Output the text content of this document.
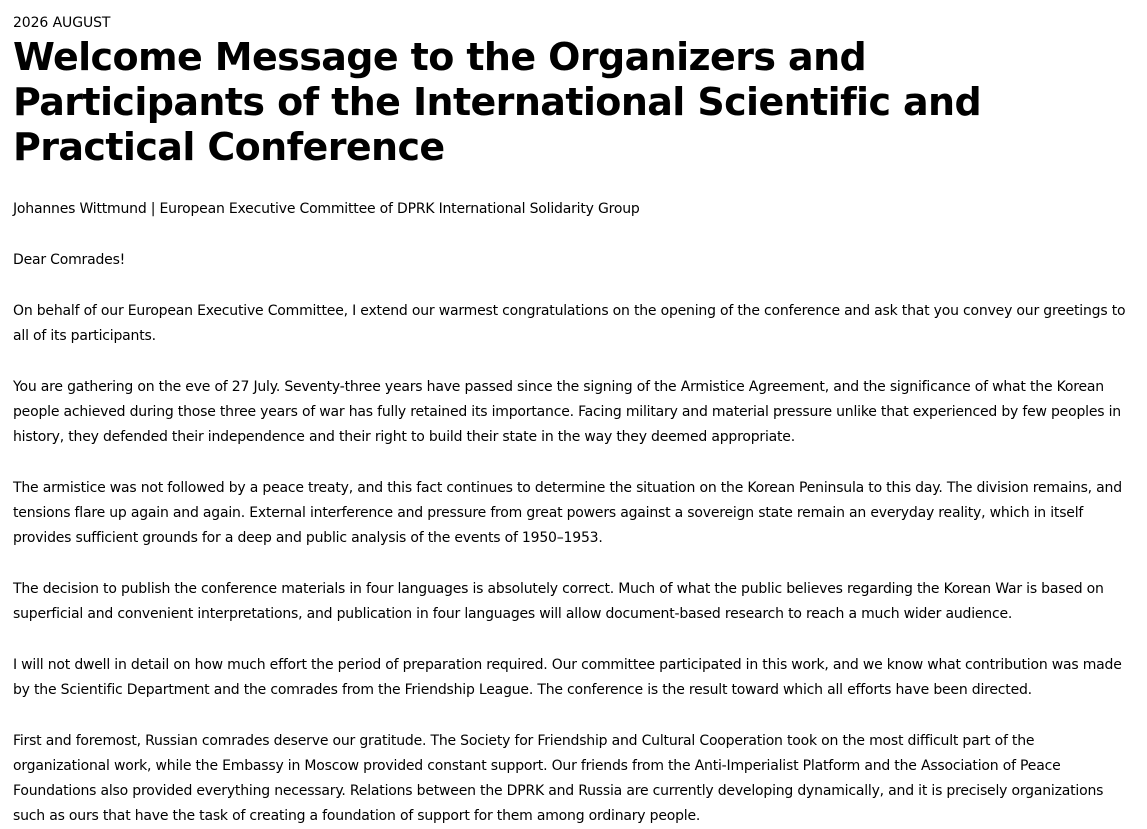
2026 AUGUST

Welcome Message to the Organizers and Participants of the International Scientific and Practical Conference

Johannes Wittmund | European Executive Committee of DPRK International Solidarity Group

Dear Comrades!

On behalf of our European Executive Committee, I extend our warmest congratulations on the opening of the conference and ask that you convey our greetings to all of its participants.

You are gathering on the eve of 27 July. Seventy-three years have passed since the signing of the Armistice Agreement, and the significance of what the Korean people achieved during those three years of war has fully retained its importance. Facing military and material pressure unlike that experienced by few peoples in history, they defended their independence and their right to build their state in the way they deemed appropriate.

The armistice was not followed by a peace treaty, and this fact continues to determine the situation on the Korean Peninsula to this day. The division remains, and tensions flare up again and again. External interference and pressure from great powers against a sovereign state remain an everyday reality, which in itself provides sufficient grounds for a deep and public analysis of the events of 1950–1953.

The decision to publish the conference materials in four languages is absolutely correct. Much of what the public believes regarding the Korean War is based on superficial and convenient interpretations, and publication in four languages will allow document-based research to reach a much wider audience.

I will not dwell in detail on how much effort the period of preparation required. Our committee participated in this work, and we know what contribution was made by the Scientific Department and the comrades from the Friendship League. The conference is the result toward which all efforts have been directed.

First and foremost, Russian comrades deserve our gratitude. The Society for Friendship and Cultural Cooperation took on the most difficult part of the organizational work, while the Embassy in Moscow provided constant support. Our friends from the Anti-Imperialist Platform and the Association of Peace Foundations also provided everything necessary. Relations between the DPRK and Russia are currently developing dynamically, and it is precisely organizations such as ours that have the task of creating a foundation of support for them among ordinary people.
